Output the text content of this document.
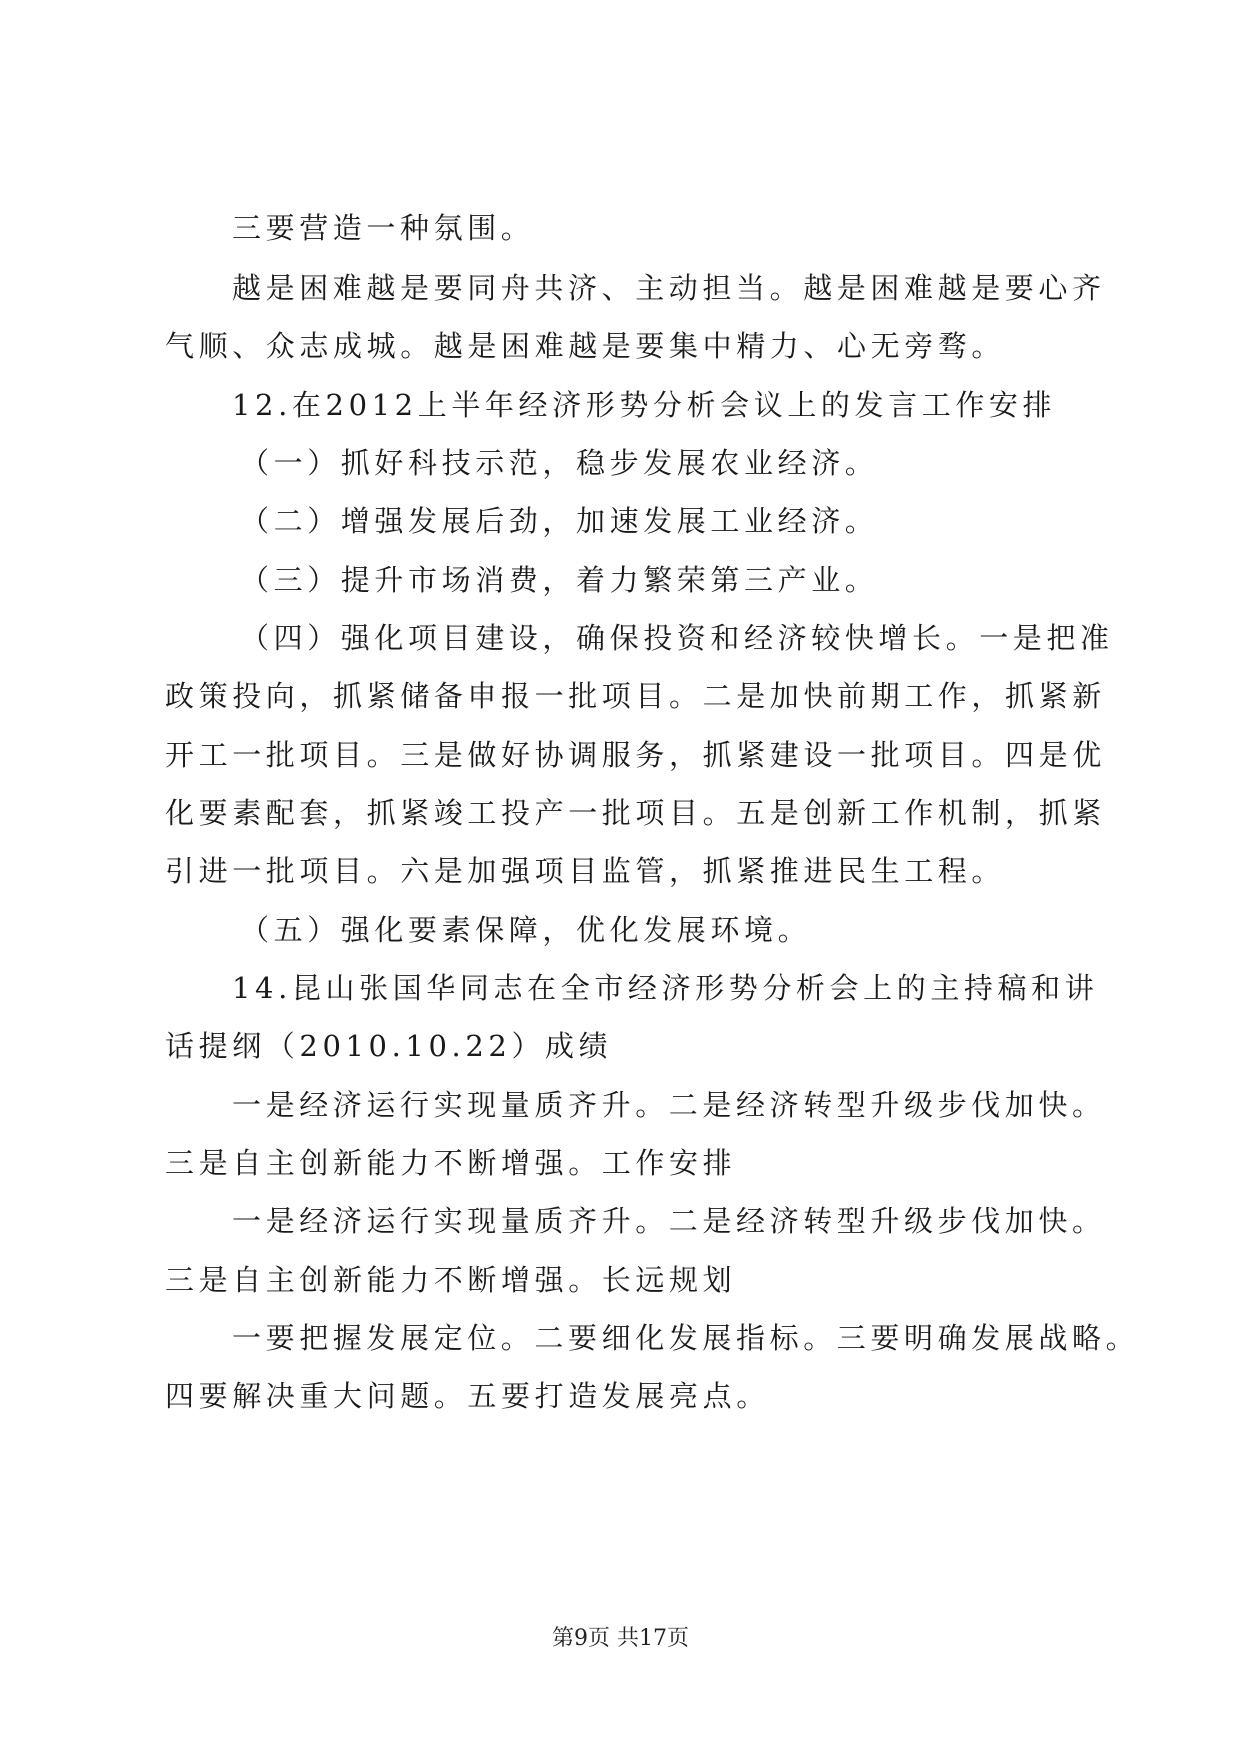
三要营造一种氛围。

越是困难越是要同舟共济、主动担当。越是困难越是要心齐

气顺、众志成城。越是困难越是要集中精力、心无旁骛。

12.在2012上半年经济形势分析会议上的发言工作安排

（一）抓好科技示范，稳步发展农业经济。

（二）增强发展后劲，加速发展工业经济。

（三）提升市场消费，着力繁荣第三产业。

（四）强化项目建设，确保投资和经济较快增长。一是把准

政策投向，抓紧储备申报一批项目。二是加快前期工作，抓紧新

开工一批项目。三是做好协调服务，抓紧建设一批项目。四是优

化要素配套，抓紧竣工投产一批项目。五是创新工作机制，抓紧

引进一批项目。六是加强项目监管，抓紧推进民生工程。

（五）强化要素保障，优化发展环境。

14.昆山张国华同志在全市经济形势分析会上的主持稿和讲

话提纲（2010.10.22）成绩

一是经济运行实现量质齐升。二是经济转型升级步伐加快。

三是自主创新能力不断增强。工作安排

一是经济运行实现量质齐升。二是经济转型升级步伐加快。

三是自主创新能力不断增强。长远规划

一要把握发展定位。二要细化发展指标。三要明确发展战略。

四要解决重大问题。五要打造发展亮点。

第9页 共17页
